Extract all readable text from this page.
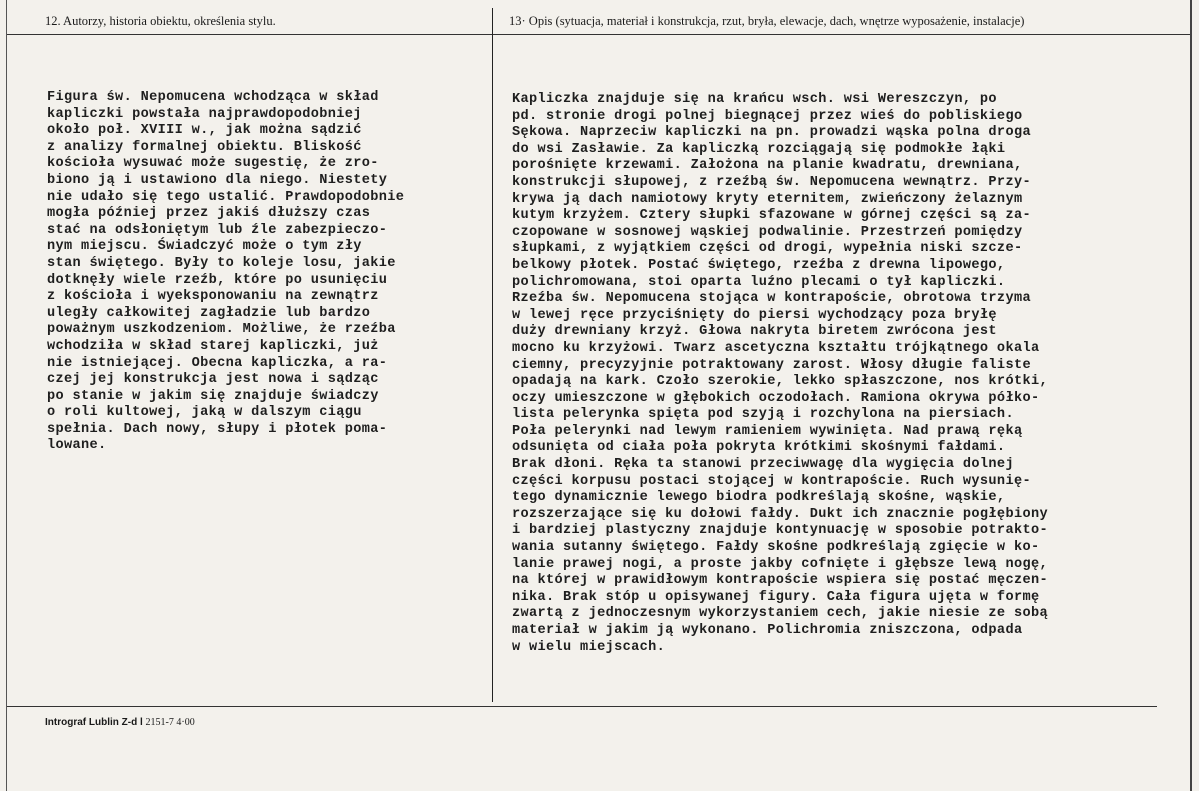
12. Autorzy, historia obiektu, określenia stylu.	13· Opis (sytuacja, materiał i konstrukcja, rzut, bryła, elewacje, dach, wnętrze wyposażenie, instalacje)
Figura św. Nepomucena wchodząca w skład
kapliczki powstała najprawdopodobniej
około poł. XVIII w., jak można sądzić
z analizy formalnej obiektu. Bliskość
kościoła wysuwać może sugestię, że zro-
biono ją i ustawiono dla niego. Niestety
nie udało się tego ustalić. Prawdopodobnie
mogła później przez jakiś dłuższy czas
stać na odsłoniętym lub źle zabezpieczo-
nym miejscu. Świadczyć może o tym zły
stan świętego. Były to koleje losu, jakie
dotknęły wiele rzeźb, które po usunięciu
z kościoła i wyeksponowaniu na zewnątrz
uległy całkowitej zagładzie lub bardzo
poważnym uszkodzeniom. Możliwe, że rzeźba
wchodziła w skład starej kapliczki, już
nie istniejącej. Obecna kapliczka, a ra-
czej jej konstrukcja jest nowa i sądząc
po stanie w jakim się znajduje świadczy
o roli kultowej, jaką w dalszym ciągu
spełnia. Dach nowy, słupy i płotek poma-
lowane.
Kapliczka znajduje się na krańcu wsch. wsi Wereszczyn, po
pd. stronie drogi polnej biegnącej przez wieś do pobliskiego
Sękowa. Naprzeciw kapliczki na pn. prowadzi wąska polna droga
do wsi Zasławie. Za kapliczką rozciągają się podmokłe łąki
porośnięte krzewami. Założona na planie kwadratu, drewniana,
konstrukcji słupowej, z rzeźbą św. Nepomucena wewnątrz. Przy-
krywa ją dach namiotowy kryty eternitem, zwieńczony żelaznym
kutym krzyżem. Cztery słupki sfazowane w górnej części są za-
czopowane w sosnowej wąskiej podwalinie. Przestrzeń pomiędzy
słupkami, z wyjątkiem części od drogi, wypełnia niski szcze-
belkowy płotek. Postać świętego, rzeźba z drewna lipowego,
polichromowana, stoi oparta luźno plecami o tył kapliczki.
Rzeźba św. Nepomucena stojąca w kontrapoście, obrotowa trzyma
w lewej ręce przyciśnięty do piersi wychodzący poza bryłę
duży drewniany krzyż. Głowa nakryta biretem zwrócona jest
mocno ku krzyżowi. Twarz ascetyczna kształtu trójkątnego okala
ciemny, precyzyjnie potraktowany zarost. Włosy długie faliste
opadają na kark. Czoło szerokie, lekko spłaszczone, nos krótki,
oczy umieszczone w głębokich oczodołach. Ramiona okrywa półko-
lista pelerynka spięta pod szyją i rozchylona na piersiach.
Poła pelerynki nad lewym ramieniem wywinięta. Nad prawą ręką
odsunięta od ciała poła pokryta krótkimi skośnymi fałdami.
Brak dłoni. Ręka ta stanowi przeciwwagę dla wygięcia dolnej
części korpusu postaci stojącej w kontrapoście. Ruch wysunię-
tego dynamicznie lewego biodra podkreślają skośne, wąskie,
rozszerzające się ku dołowi fałdy. Dukt ich znacznie pogłębiony
i bardziej plastyczny znajduje kontynuację w sposobie potrakto-
wania sutanny świętego. Fałdy skośne podkreślają zgięcie w ko-
lanie prawej nogi, a proste jakby cofnięte i głębsze lewą nogę,
na której w prawidłowym kontrapoście wspiera się postać męczen-
nika. Brak stóp u opisywanej figury. Cała figura ujęta w formę
zwartą z jednoczesnym wykorzystaniem cech, jakie niesie ze sobą
materiał w jakim ją wykonano. Polichromia zniszczona, odpada
w wielu miejscach.
Intrograf Lublin Z-d l 2151-7 4·00
